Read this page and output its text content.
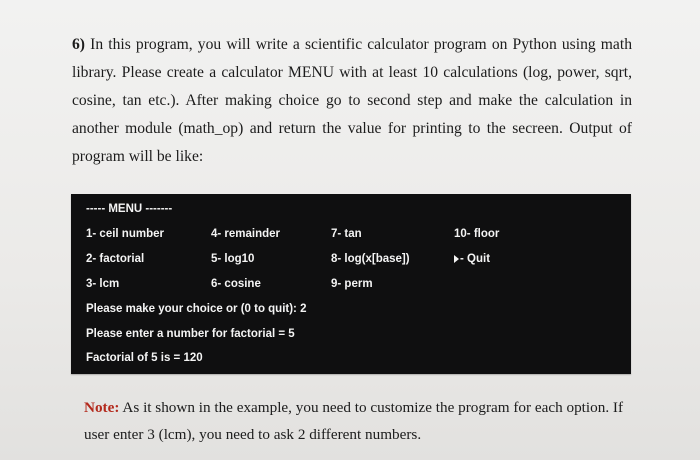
6) In this program, you will write a scientific calculator program on Python using math library. Please create a calculator MENU with at least 10 calculations (log, power, sqrt, cosine, tan etc.). After making choice go to second step and make the calculation in another module (math_op) and return the value for printing to the secreen. Output of program will be like:
----- MENU -------
1- ceil number	4- remainder	7- tan	10- floor
2- factorial	5- log10	8- log(x[base])	- Quit
3- lcm	6- cosine	9- perm
Please make your choice or (0 to quit): 2
Please enter a number for factorial = 5
Factorial of 5 is = 120
Note: As it shown in the example, you need to customize the program for each option. If user enter 3 (lcm), you need to ask 2 different numbers.
